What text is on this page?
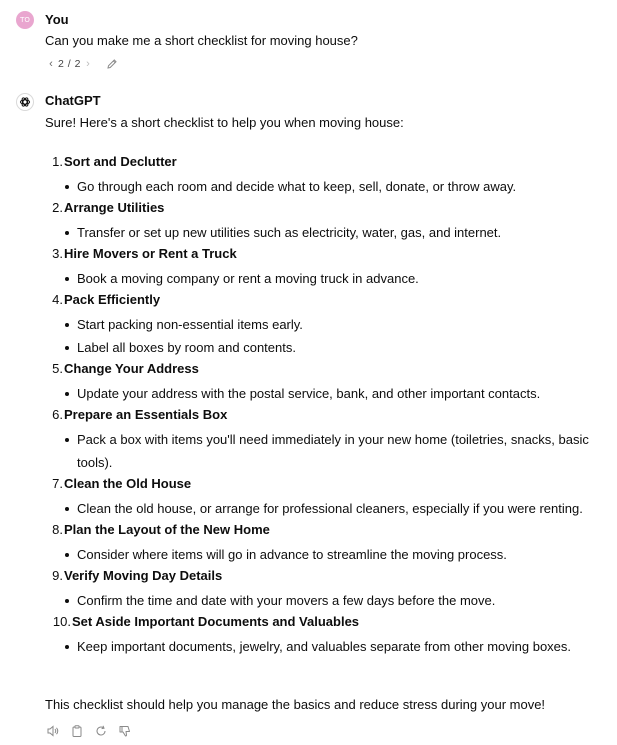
TO	You
Can you make me a short checklist for moving house?
‹ 2 / 2 ›
ChatGPT
Sure! Here's a short checklist to help you when moving house:
1. Sort and Declutter
Go through each room and decide what to keep, sell, donate, or throw away.
2. Arrange Utilities
Transfer or set up new utilities such as electricity, water, gas, and internet.
3. Hire Movers or Rent a Truck
Book a moving company or rent a moving truck in advance.
4. Pack Efficiently
Start packing non-essential items early.
Label all boxes by room and contents.
5. Change Your Address
Update your address with the postal service, bank, and other important contacts.
6. Prepare an Essentials Box
Pack a box with items you'll need immediately in your new home (toiletries, snacks, basic tools).
7. Clean the Old House
Clean the old house, or arrange for professional cleaners, especially if you were renting.
8. Plan the Layout of the New Home
Consider where items will go in advance to streamline the moving process.
9. Verify Moving Day Details
Confirm the time and date with your movers a few days before the move.
10. Set Aside Important Documents and Valuables
Keep important documents, jewelry, and valuables separate from other moving boxes.
This checklist should help you manage the basics and reduce stress during your move!
